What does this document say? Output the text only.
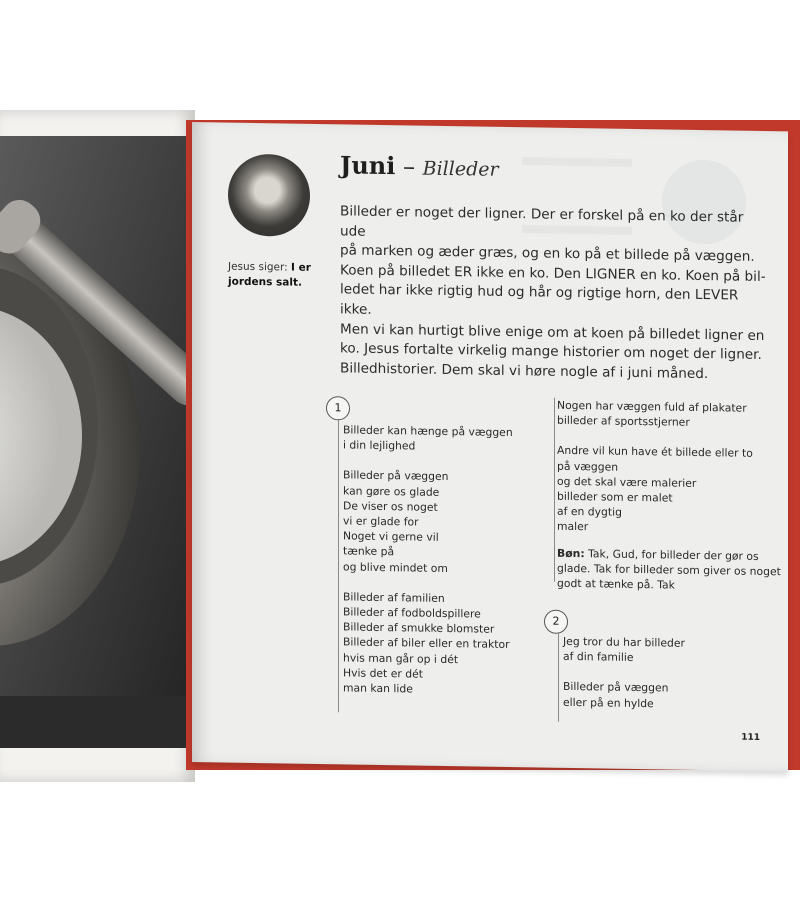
Jesus siger: I er jordens salt.
Juni – Billeder
Billeder er noget der ligner. Der er forskel på en ko der står ude
på marken og æder græs, og en ko på et billede på væggen.
Koen på billedet ER ikke en ko. Den LIGNER en ko. Koen på bil-
ledet har ikke rigtig hud og hår og rigtige horn, den LEVER ikke.
Men vi kan hurtigt blive enige om at koen på billedet ligner en
ko. Jesus fortalte virkelig mange historier om noget der ligner.
Billedhistorier. Dem skal vi høre nogle af i juni måned.
1
Billeder kan hænge på væggen
i din lejlighed
Billeder på væggen
kan gøre os glade
De viser os noget
vi er glade for
Noget vi gerne vil
tænke på
og blive mindet om
Billeder af familien
Billeder af fodboldspillere
Billeder af smukke blomster
Billeder af biler eller en traktor
hvis man går op i dét
Hvis det er dét
man kan lide
Nogen har væggen fuld af plakater
billeder af sportsstjerner
Andre vil kun have ét billede eller to
på væggen
og det skal være malerier
billeder som er malet
af en dygtig
maler
Bøn: Tak, Gud, for billeder der gør os
glade. Tak for billeder som giver os noget
godt at tænke på. Tak
2
Jeg tror du har billeder
af din familie
Billeder på væggen
eller på en hylde
111
